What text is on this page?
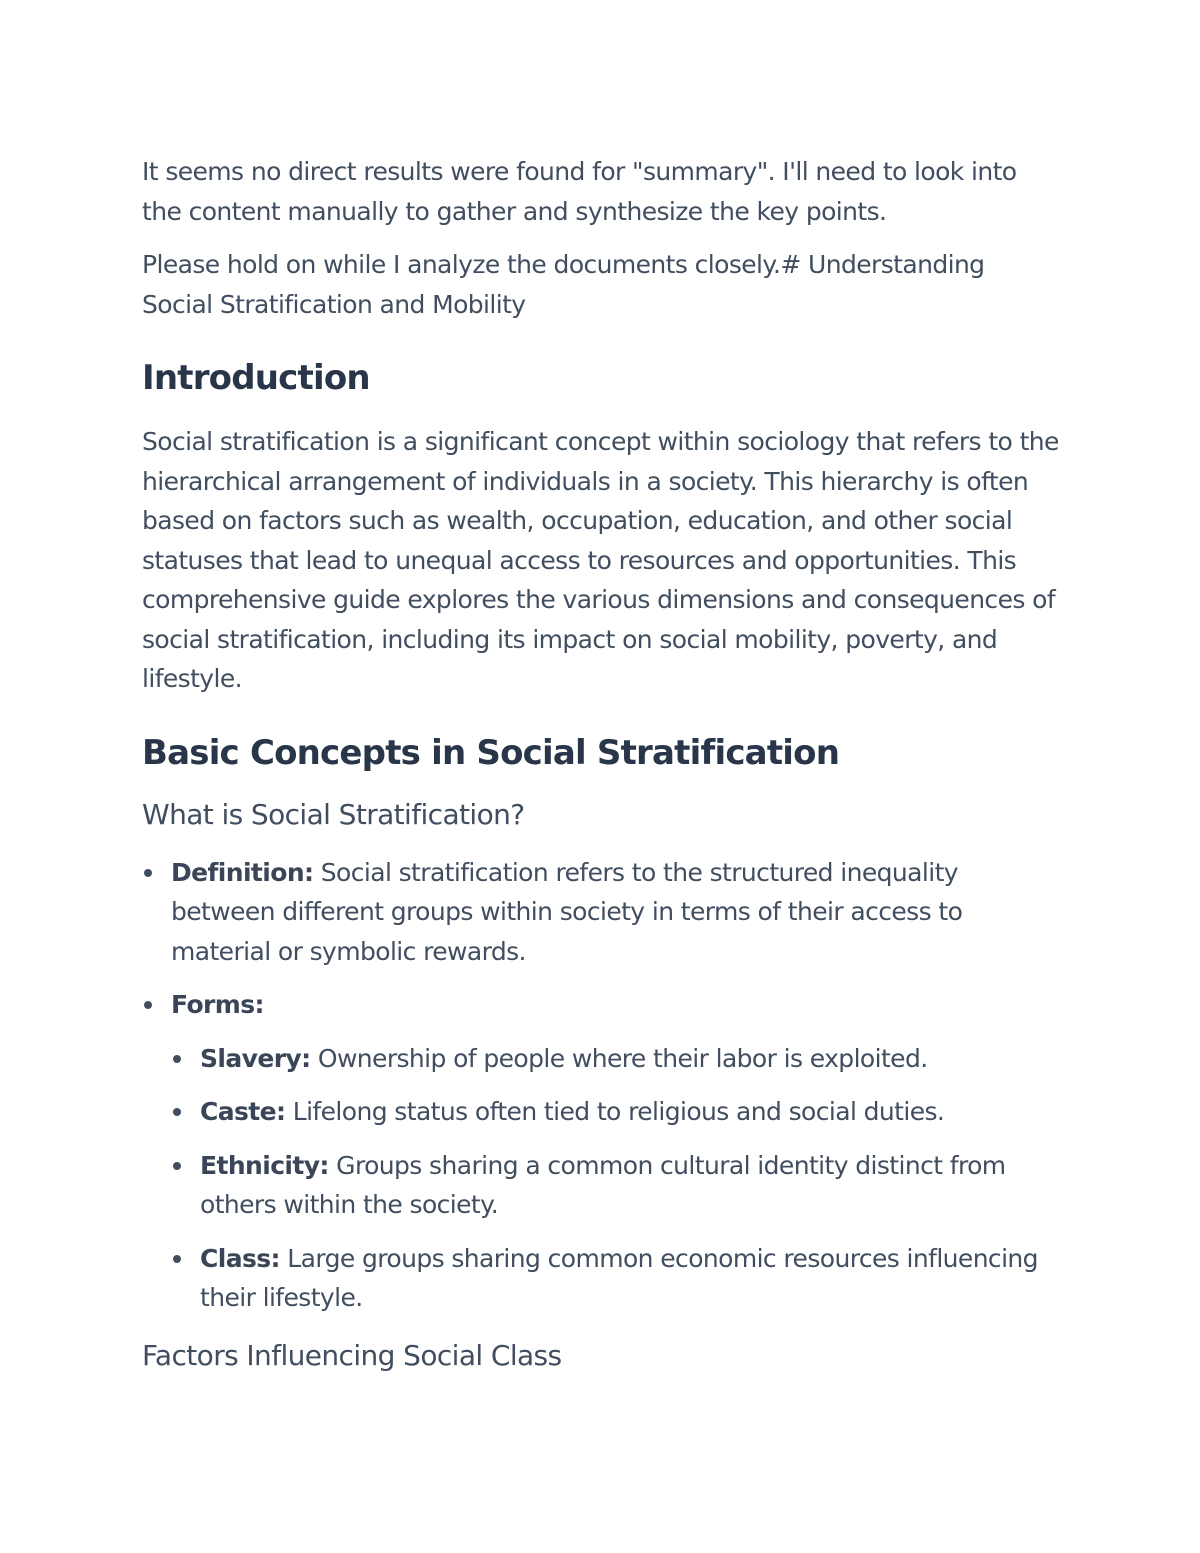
It seems no direct results were found for "summary". I'll need to look into the content manually to gather and synthesize the key points.

Please hold on while I analyze the documents closely.# Understanding Social Stratification and Mobility

Introduction

Social stratification is a significant concept within sociology that refers to the hierarchical arrangement of individuals in a society. This hierarchy is often based on factors such as wealth, occupation, education, and other social statuses that lead to unequal access to resources and opportunities. This comprehensive guide explores the various dimensions and consequences of social stratification, including its impact on social mobility, poverty, and lifestyle.

Basic Concepts in Social Stratification
What is Social Stratification?
Definition: Social stratification refers to the structured inequality between different groups within society in terms of their access to material or symbolic rewards.
Forms:
Slavery: Ownership of people where their labor is exploited.
Caste: Lifelong status often tied to religious and social duties.
Ethnicity: Groups sharing a common cultural identity distinct from others within the society.
Class: Large groups sharing common economic resources influencing their lifestyle.
Factors Influencing Social Class
